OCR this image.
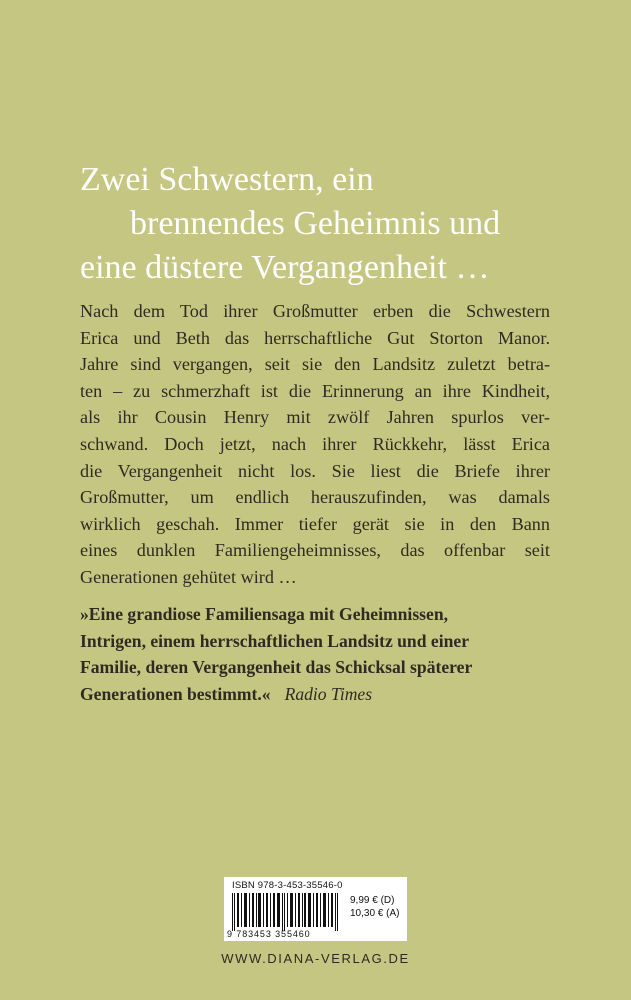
Zwei Schwestern, ein
brennendes Geheimnis und
eine düstere Vergangenheit …
Nach dem Tod ihrer Großmutter erben die Schwestern
Erica und Beth das herrschaftliche Gut Storton Manor.
Jahre sind vergangen, seit sie den Landsitz zuletzt betra-
ten – zu schmerzhaft ist die Erinnerung an ihre Kindheit,
als ihr Cousin Henry mit zwölf Jahren spurlos ver-
schwand. Doch jetzt, nach ihrer Rückkehr, lässt Erica
die Vergangenheit nicht los. Sie liest die Briefe ihrer
Großmutter, um endlich herauszufinden, was damals
wirklich geschah. Immer tiefer gerät sie in den Bann
eines dunklen Familiengeheimnisses, das offenbar seit
Generationen gehütet wird …
»Eine grandiose Familiensaga mit Geheimnissen,
Intrigen, einem herrschaftlichen Landsitz und einer
Familie, deren Vergangenheit das Schicksal späterer
Generationen bestimmt.« Radio Times
ISBN 978-3-453-35546-0
9 783453 355460
9,99 € (D)
10,30 € (A)
WWW.DIANA-VERLAG.DE
